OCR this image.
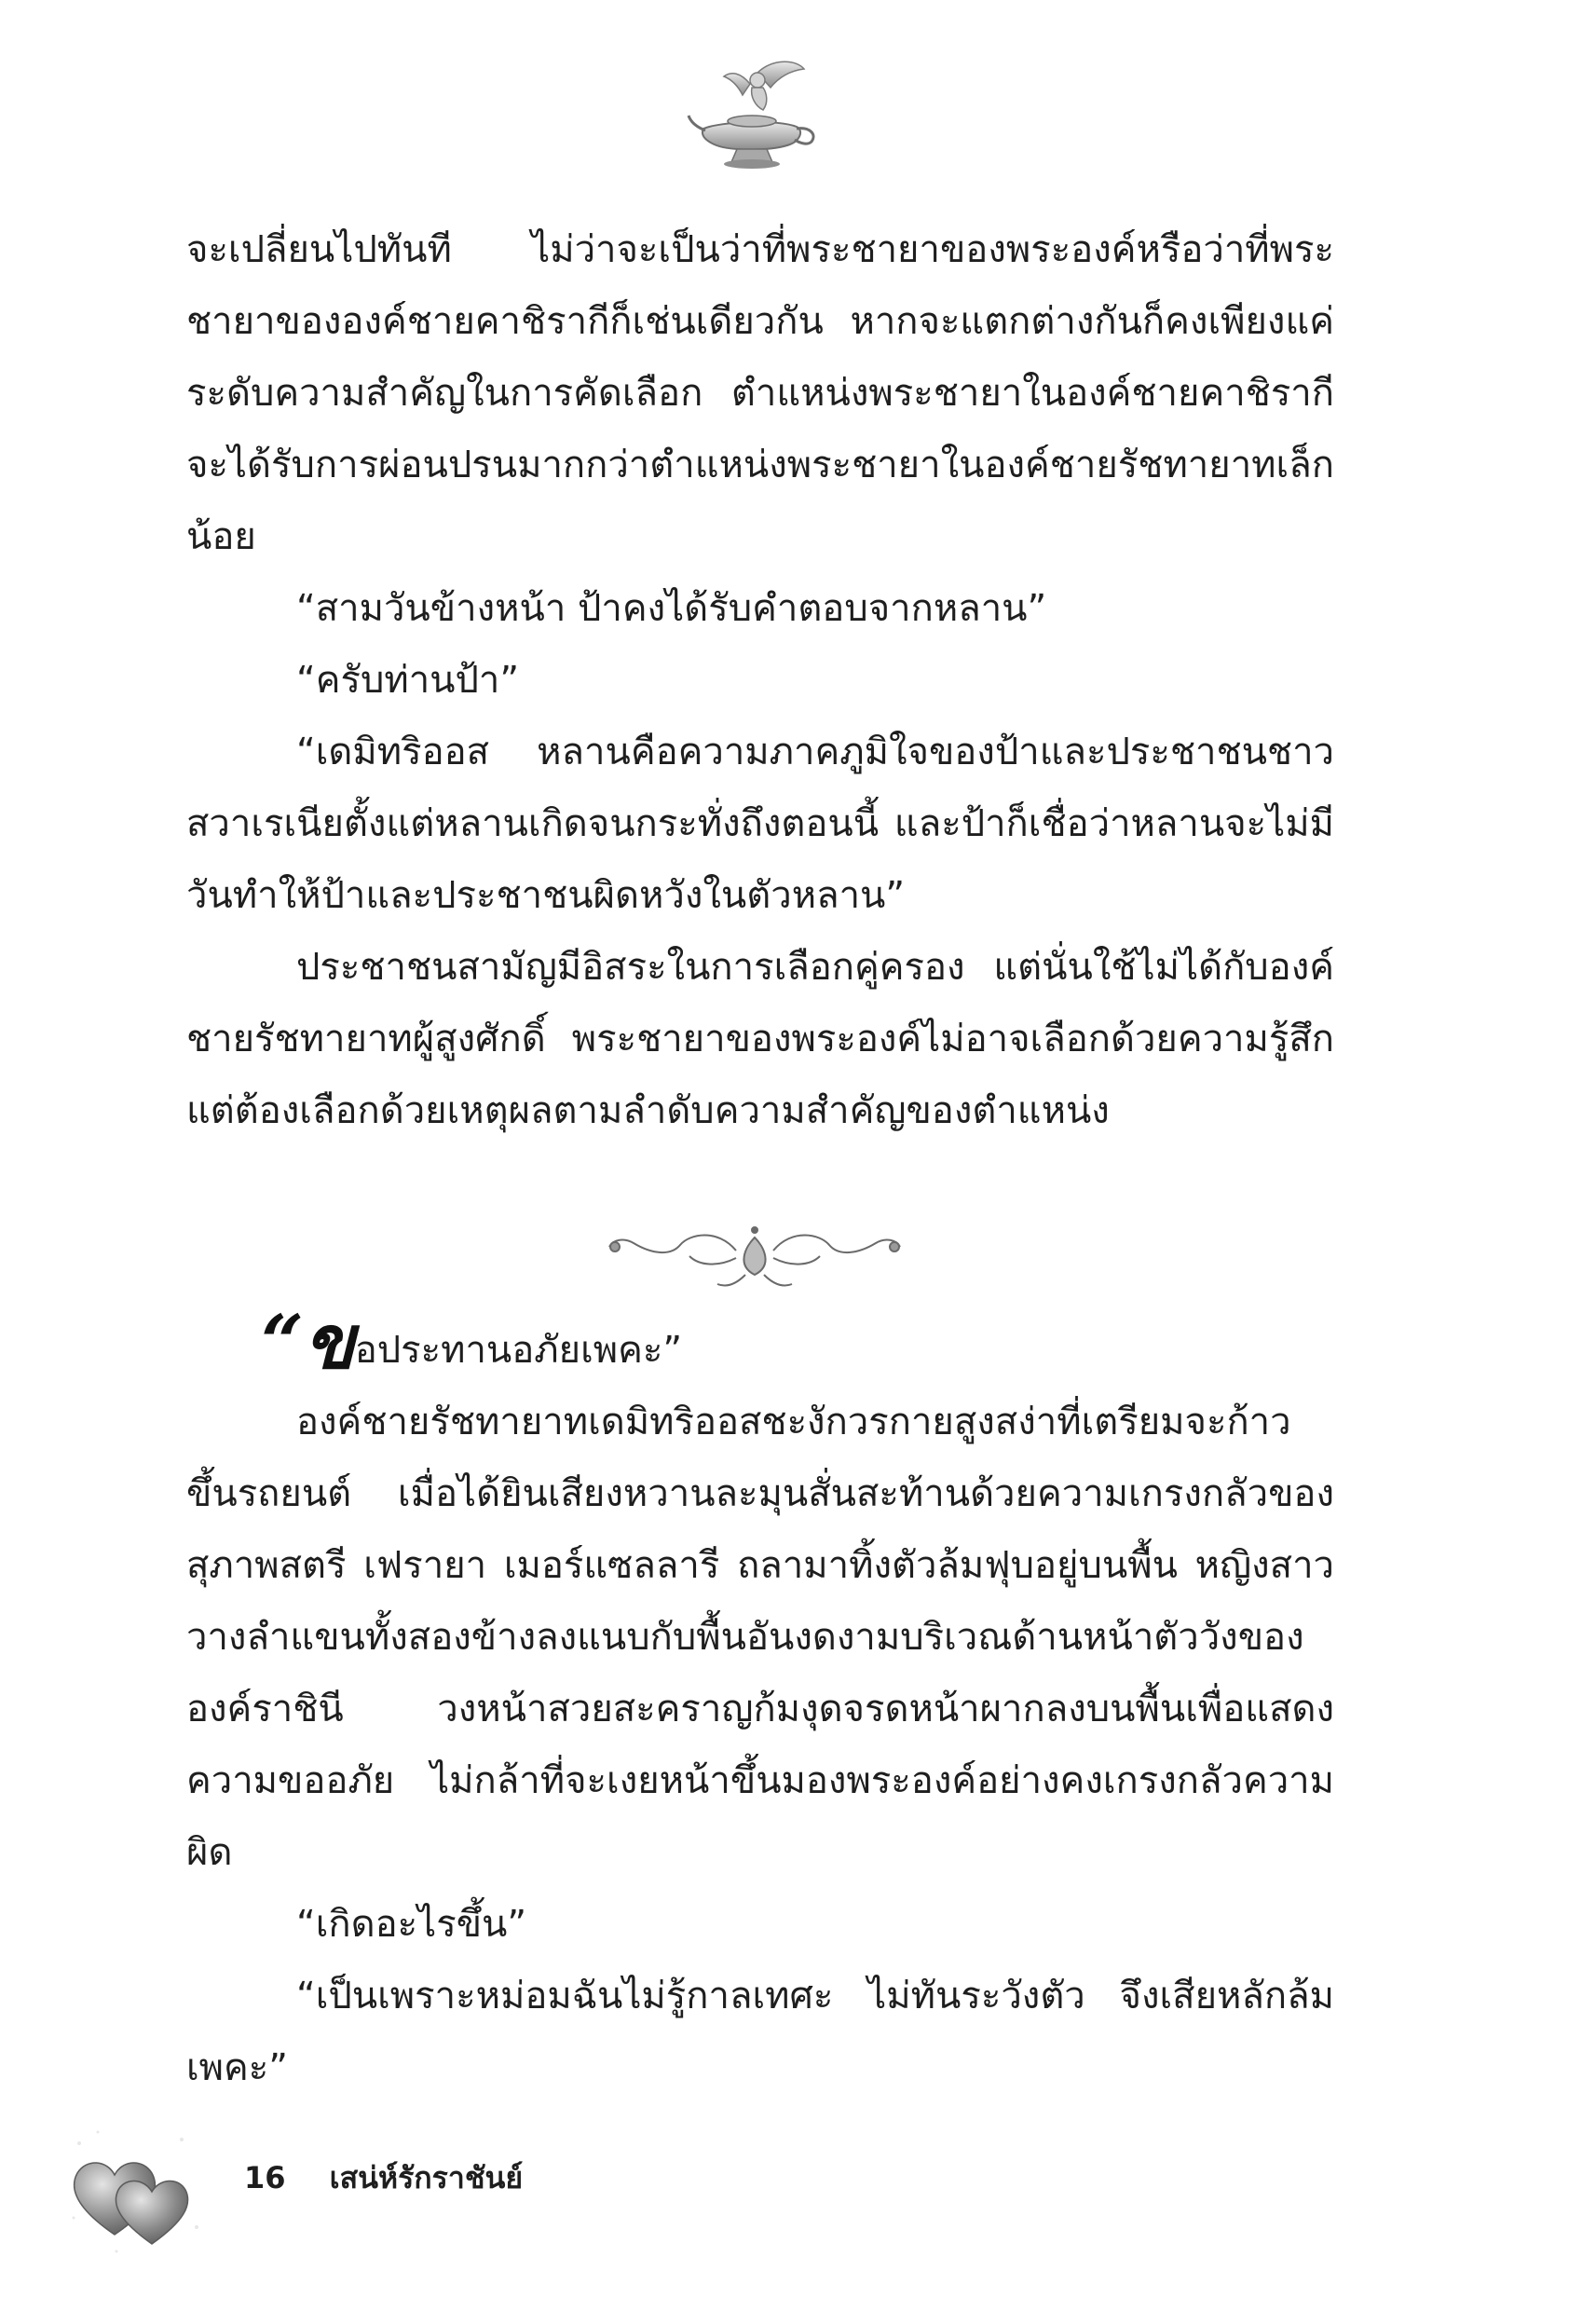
จะเปลี่ยนไปทันที ไม่ว่าจะเป็นว่าที่พระชายาของพระองค์หรือว่าที่พระชายาขององค์ชายคาชิรากีก็เช่นเดียวกัน หากจะแตกต่างกันก็คงเพียงแค่ระดับความสำคัญในการคัดเลือก ตำแหน่งพระชายาในองค์ชายคาชิรากีจะได้รับการผ่อนปรนมากกว่าตำแหน่งพระชายาในองค์ชายรัชทายาทเล็กน้อย

“สามวันข้างหน้า ป้าคงได้รับคำตอบจากหลาน”

“ครับท่านป้า”

“เดมิทริออส หลานคือความภาคภูมิใจของป้าและประชาชนชาวสวาเรเนียตั้งแต่หลานเกิดจนกระทั่งถึงตอนนี้ และป้าก็เชื่อว่าหลานจะไม่มีวันทำให้ป้าและประชาชนผิดหวังในตัวหลาน”

ประชาชนสามัญมีอิสระในการเลือกคู่ครอง แต่นั่นใช้ไม่ได้กับองค์ชายรัชทายาทผู้สูงศักดิ์ พระชายาของพระองค์ไม่อาจเลือกด้วยความรู้สึก แต่ต้องเลือกด้วยเหตุผลตามลำดับความสำคัญของตำแหน่ง

“ขอประทานอภัยเพคะ”

องค์ชายรัชทายาทเดมิทริออสชะงักวรกายสูงสง่าที่เตรียมจะก้าวขึ้นรถยนต์ เมื่อได้ยินเสียงหวานละมุนสั่นสะท้านด้วยความเกรงกลัวของสุภาพสตรี เฟรายา เมอร์แซลลารี ถลามาทิ้งตัวล้มฟุบอยู่บนพื้น หญิงสาววางลำแขนทั้งสองข้างลงแนบกับพื้นอันงดงามบริเวณด้านหน้าตัววังขององค์ราชินี วงหน้าสวยสะคราญก้มงุดจรดหน้าผากลงบนพื้นเพื่อแสดงความขออภัย ไม่กล้าที่จะเงยหน้าขึ้นมองพระองค์อย่างคงเกรงกลัวความผิด

“เกิดอะไรขึ้น”

“เป็นเพราะหม่อมฉันไม่รู้กาลเทศะ ไม่ทันระวังตัว จึงเสียหลักล้มเพคะ”

16 เสน่ห์รักราชันย์
